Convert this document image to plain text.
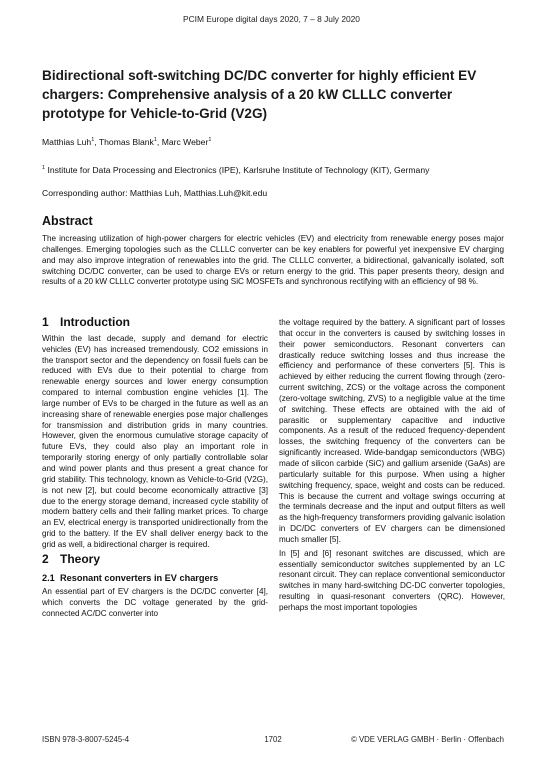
PCIM Europe digital days 2020, 7 – 8 July 2020
Bidirectional soft-switching DC/DC converter for highly efficient EV chargers: Comprehensive analysis of a 20 kW CLLLC converter prototype for Vehicle-to-Grid (V2G)
Matthias Luh$^1$, Thomas Blank$^1$, Marc Weber$^1$
$^1$ Institute for Data Processing and Electronics (IPE), Karlsruhe Institute of Technology (KIT), Germany
Corresponding author: Matthias Luh, Matthias.Luh@kit.edu
Abstract

The increasing utilization of high-power chargers for electric vehicles (EV) and electricity from renewable energy poses major challenges. Emerging topologies such as the CLLLC converter can be key enablers for powerful yet inexpensive EV charging and may also improve integration of renewables into the grid. The CLLLC converter, a bidirectional, galvanically isolated, soft switching DC/DC converter, can be used to charge EVs or return energy to the grid. This paper presents theory, design and results of a 20 kW CLLLC converter prototype using SiC MOSFETs and synchronous rectifying with an efficiency of 98 %.

1 Introduction

Within the last decade, supply and demand for electric vehicles (EV) has increased tremendously. CO2 emissions in the transport sector and the dependency on fossil fuels can be reduced with EVs due to their potential to charge from renewable energy sources and lower energy consumption compared to internal combustion engine vehicles [1]. The large number of EVs to be charged in the future as well as an increasing share of renewable energies pose major challenges for transmission and distribution grids in many countries. However, given the enormous cumulative storage capacity of future EVs, they could also play an important role in temporarily storing energy of only partially controllable solar and wind power plants and thus present a great chance for grid stability. This technology, known as Vehicle-to-Grid (V2G), is not new [2], but could become economically attractive [3] due to the energy storage demand, increased cycle stability of modern battery cells and their falling market prices. To charge an EV, electrical energy is transported unidirectionally from the grid to the battery. If the EV shall deliver energy back to the grid as well, a bidirectional charger is required.

2 Theory
2.1 Resonant converters in EV chargers

An essential part of EV chargers is the DC/DC converter [4], which converts the DC voltage generated by the grid-connected AC/DC converter into

the voltage required by the battery. A significant part of losses that occur in the converters is caused by switching losses in their power semiconductors. Resonant converters can drastically reduce switching losses and thus increase the efficiency and performance of these converters [5]. This is achieved by either reducing the current flowing through (zero-current switching, ZCS) or the voltage across the component (zero-voltage switching, ZVS) to a negligible value at the time of switching. These effects are obtained with the aid of parasitic or supplementary capacitive and inductive components. As a result of the reduced frequency-dependent losses, the switching frequency of the converters can be significantly increased. Wide-bandgap semiconductors (WBG) made of silicon carbide (SiC) and gallium arsenide (GaAs) are particularly suitable for this purpose. When using a higher switching frequency, space, weight and costs can be reduced. This is because the current and voltage swings occurring at the terminals decrease and the input and output filters as well as the high-frequency transformers providing galvanic isolation in DC/DC converters of EV chargers can be dimensioned much smaller [5].

In [5] and [6] resonant switches are discussed, which are essentially semiconductor switches supplemented by an LC resonant circuit. They can replace conventional semiconductor switches in many hard-switching DC-DC converter topologies, resulting in quasi-resonant converters (QRC). However, perhaps the most important topologies

ISBN 978-3-8007-5245-4	1702	© VDE VERLAG GMBH · Berlin · Offenbach
